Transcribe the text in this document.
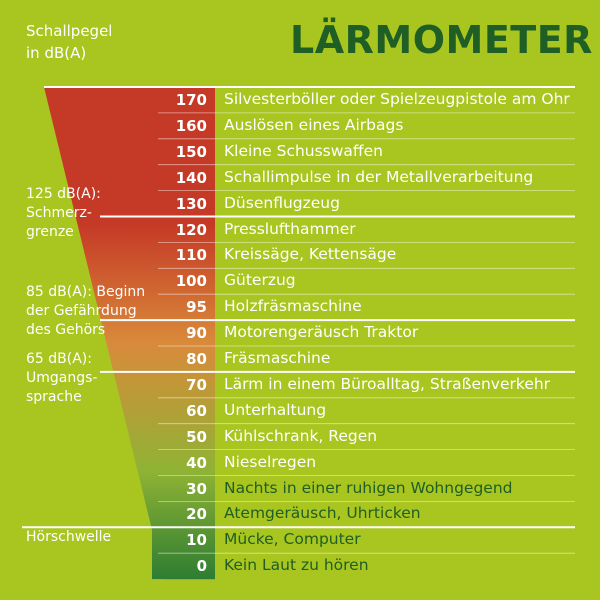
LÄRMOMETER
Schallpegel
in dB(A)
125 dB(A):
Schmerz-
grenze
85 dB(A): Beginn
der Gefährdung
des Gehörs
65 dB(A):
Umgangs-
sprache
Hörschwelle
170 Silvesterböller oder Spielzeugpistole am Ohr
160 Auslösen eines Airbags
150 Kleine Schusswaffen
140 Schallimpulse in der Metallverarbeitung
130 Düsenflugzeug
120 Presslufthammer
110 Kreissäge, Kettensäge
100 Güterzug
95 Holzfräsmaschine
90 Motorengeräusch Traktor
80 Fräsmaschine
70 Lärm in einem Büroalltag, Straßenverkehr
60 Unterhaltung
50 Kühlschrank, Regen
40 Nieselregen
30 Nachts in einer ruhigen Wohngegend
20 Atemgeräusch, Uhrticken
10 Mücke, Computer
0 Kein Laut zu hören
